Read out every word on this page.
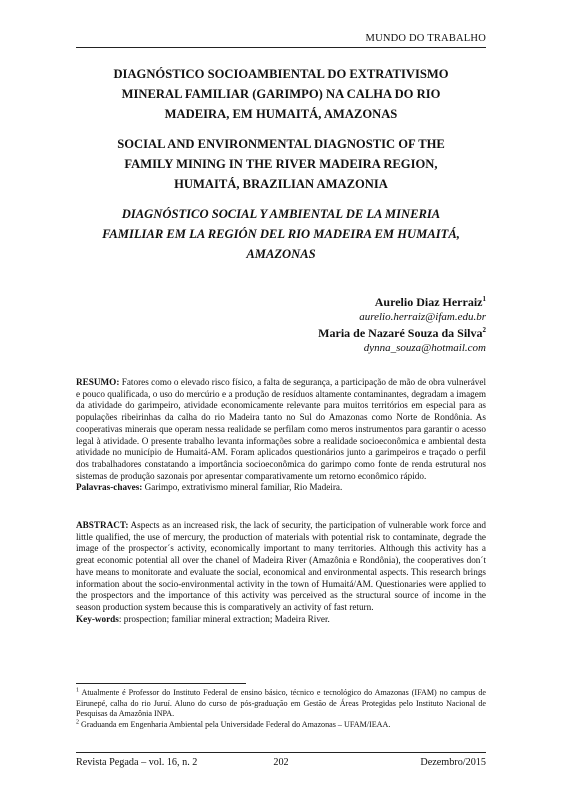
MUNDO DO TRABALHO
DIAGNÓSTICO SOCIOAMBIENTAL DO EXTRATIVISMO
MINERAL FAMILIAR (GARIMPO) NA CALHA DO RIO
MADEIRA, EM HUMAITÁ, AMAZONAS
SOCIAL AND ENVIRONMENTAL DIAGNOSTIC OF THE
FAMILY MINING IN THE RIVER MADEIRA REGION,
HUMAITÁ, BRAZILIAN AMAZONIA
DIAGNÓSTICO SOCIAL Y AMBIENTAL DE LA MINERIA
FAMILIAR EM LA REGIÓN DEL RIO MADEIRA EM HUMAITÁ,
AMAZONAS
Aurelio Diaz Herraiz$^1$
aurelio.herraiz@ifam.edu.br
Maria de Nazaré Souza da Silva$^2$
dynna_souza@hotmail.com

RESUMO: Fatores como o elevado risco físico, a falta de segurança, a participação de mão de obra vulnerável e pouco qualificada, o uso do mercúrio e a produção de resíduos altamente contaminantes, degradam a imagem da atividade do garimpeiro, atividade economicamente relevante para muitos territórios em especial para as populações ribeirinhas da calha do rio Madeira tanto no Sul do Amazonas como Norte de Rondônia. As cooperativas minerais que operam nessa realidade se perfilam como meros instrumentos para garantir o acesso legal à atividade. O presente trabalho levanta informações sobre a realidade socioeconômica e ambiental desta atividade no município de Humaitá-AM. Foram aplicados questionários junto a garimpeiros e traçado o perfil dos trabalhadores constatando a importância socioeconômica do garimpo como fonte de renda estrutural nos sistemas de produção sazonais por apresentar comparativamente um retorno econômico rápido.

Palavras-chaves: Garimpo, extrativismo mineral familiar, Rio Madeira.

ABSTRACT: Aspects as an increased risk, the lack of security, the participation of vulnerable work force and little qualified, the use of mercury, the production of materials with potential risk to contaminate, degrade the image of the prospector´s activity, economically important to many territories. Although this activity has a great economic potential all over the chanel of Madeira River (Amazônia e Rondônia), the cooperatives don´t have means to monitorate and evaluate the social, economical and environmental aspects. This research brings information about the socio-environmental activity in the town of Humaitá/AM. Questionaries were applied to the prospectors and the importance of this activity was perceived as the structural source of income in the season production system because this is comparatively an activity of fast return.

Key-words: prospection; familiar mineral extraction; Madeira River.

$^1$ Atualmente é Professor do Instituto Federal de ensino básico, técnico e tecnológico do Amazonas (IFAM) no campus de Eirunepé, calha do rio Juruí. Aluno do curso de pós-graduação em Gestão de Áreas Protegidas pelo Instituto Nacional de Pesquisas da Amazônia INPA.

$^2$ Graduanda em Engenharia Ambiental pela Universidade Federal do Amazonas – UFAM/IEAA.

Revista Pegada – vol. 16, n. 2	202	Dezembro/2015
